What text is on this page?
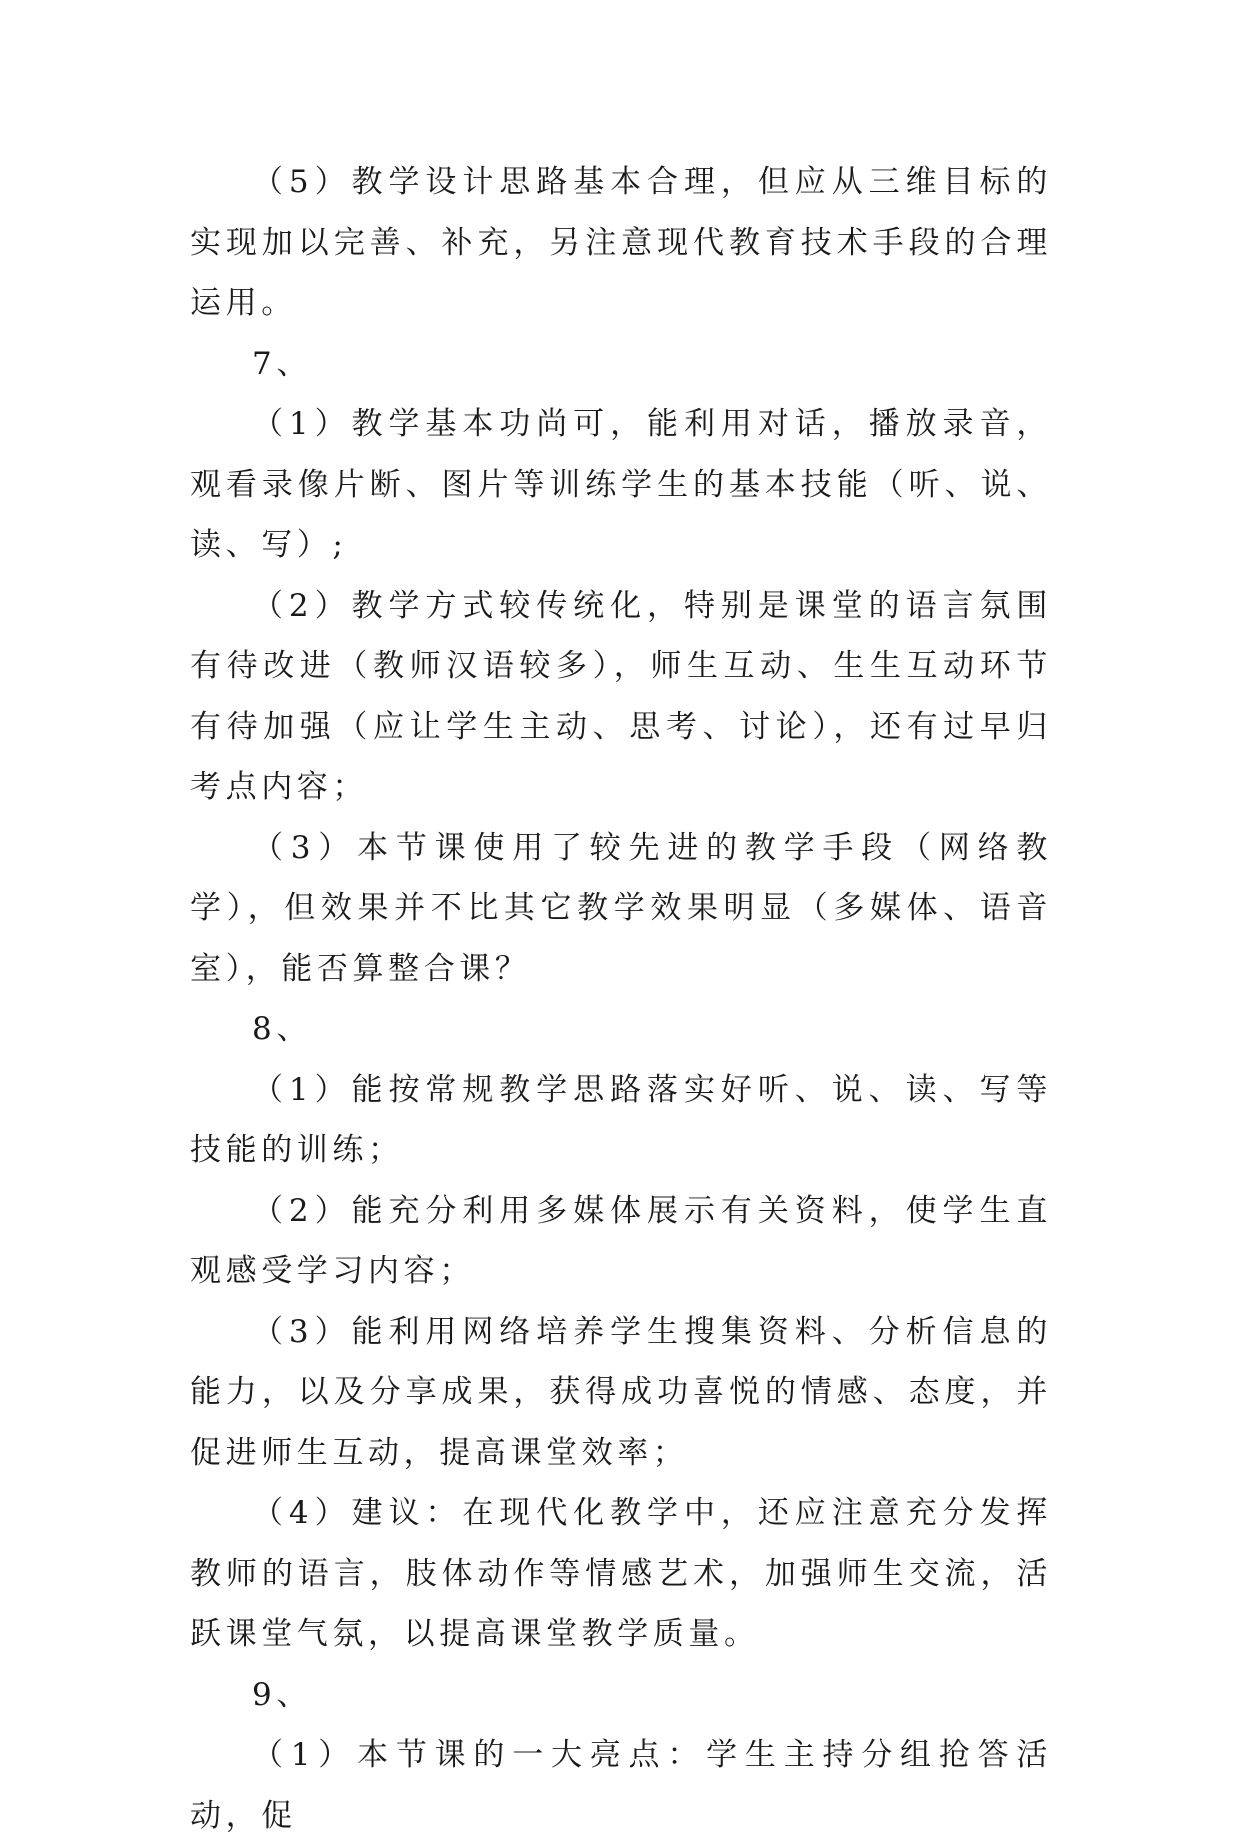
（5）教学设计思路基本合理，但应从三维目标的实现加以完善、补充，另注意现代教育技术手段的合理运用。

7、

（1）教学基本功尚可，能利用对话，播放录音，观看录像片断、图片等训练学生的基本技能（听、说、读、写）;

（2）教学方式较传统化，特别是课堂的语言氛围有待改进（教师汉语较多），师生互动、生生互动环节有待加强（应让学生主动、思考、讨论），还有过早归考点内容；

（3）本节课使用了较先进的教学手段（网络教学），但效果并不比其它教学效果明显（多媒体、语音室），能否算整合课？

8、

（1）能按常规教学思路落实好听、说、读、写等技能的训练；

（2）能充分利用多媒体展示有关资料，使学生直观感受学习内容；

（3）能利用网络培养学生搜集资料、分析信息的能力，以及分享成果，获得成功喜悦的情感、态度，并促进师生互动，提高课堂效率；

（4）建议：在现代化教学中，还应注意充分发挥教师的语言，肢体动作等情感艺术，加强师生交流，活跃课堂气氛，以提高课堂教学质量。

9、

（1）本节课的一大亮点：学生主持分组抢答活动，促
